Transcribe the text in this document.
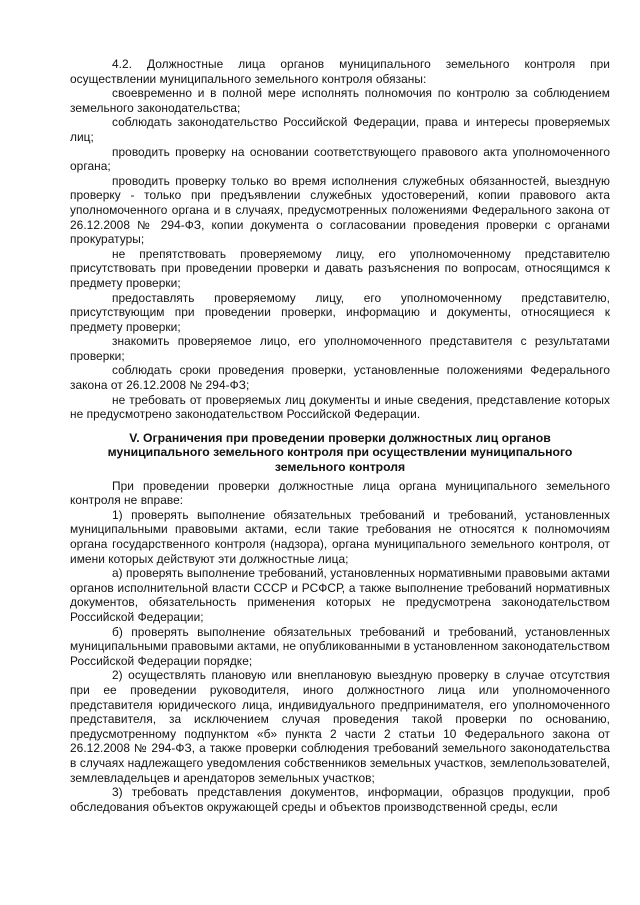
4.2. Должностные лица органов муниципального земельного контроля при осуществлении муниципального земельного контроля обязаны:

своевременно и в полной мере исполнять полномочия по контролю за соблюдением земельного законодательства;

соблюдать законодательство Российской Федерации, права и интересы проверяемых лиц;

проводить проверку на основании соответствующего правового акта уполномоченного органа;

проводить проверку только во время исполнения служебных обязанностей, выездную проверку - только при предъявлении служебных удостоверений, копии правового акта уполномоченного органа и в случаях, предусмотренных положениями Федерального закона от 26.12.2008 № 294-ФЗ, копии документа о согласовании проведения проверки с органами прокуратуры;

не препятствовать проверяемому лицу, его уполномоченному представителю присутствовать при проведении проверки и давать разъяснения по вопросам, относящимся к предмету проверки;

предоставлять проверяемому лицу, его уполномоченному представителю, присутствующим при проведении проверки, информацию и документы, относящиеся к предмету проверки;

знакомить проверяемое лицо, его уполномоченного представителя с результатами проверки;

соблюдать сроки проведения проверки, установленные положениями Федерального закона от 26.12.2008 № 294-ФЗ;

не требовать от проверяемых лиц документы и иные сведения, представление которых не предусмотрено законодательством Российской Федерации.

V. Ограничения при проведении проверки должностных лиц органов
муниципального земельного контроля при осуществлении муниципального
земельного контроля

При проведении проверки должностные лица органа муниципального земельного контроля не вправе:

1) проверять выполнение обязательных требований и требований, установленных муниципальными правовыми актами, если такие требования не относятся к полномочиям органа государственного контроля (надзора), органа муниципального земельного контроля, от имени которых действуют эти должностные лица;

а) проверять выполнение требований, установленных нормативными правовыми актами органов исполнительной власти СССР и РСФСР, а также выполнение требований нормативных документов, обязательность применения которых не предусмотрена законодательством Российской Федерации;

б) проверять выполнение обязательных требований и требований, установленных муниципальными правовыми актами, не опубликованными в установленном законодательством Российской Федерации порядке;

2) осуществлять плановую или внеплановую выездную проверку в случае отсутствия при ее проведении руководителя, иного должностного лица или уполномоченного представителя юридического лица, индивидуального предпринимателя, его уполномоченного представителя, за исключением случая проведения такой проверки по основанию, предусмотренному подпунктом «б» пункта 2 части 2 статьи 10 Федерального закона от 26.12.2008 № 294-ФЗ, а также проверки соблюдения требований земельного законодательства в случаях надлежащего уведомления собственников земельных участков, землепользователей, землевладельцев и арендаторов земельных участков;

3) требовать представления документов, информации, образцов продукции, проб обследования объектов окружающей среды и объектов производственной среды, если
